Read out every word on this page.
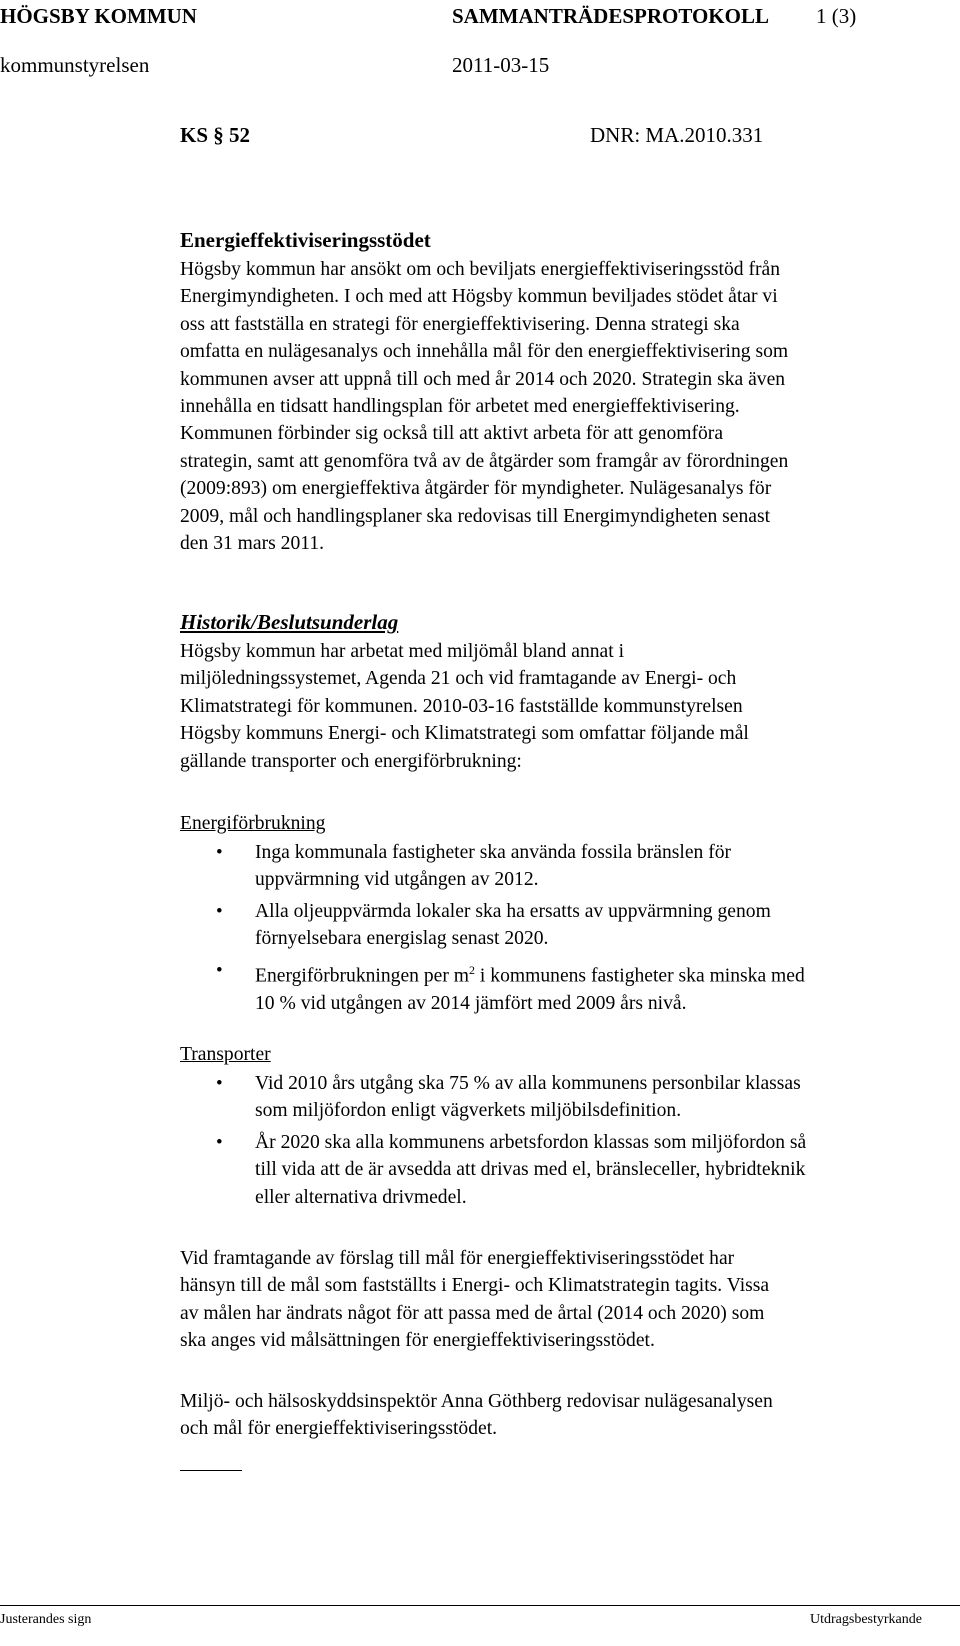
HÖGSBY KOMMUN	SAMMANTRÄDESPROTOKOLL 1 (3)
kommunstyrelsen	2011-03-15
KS § 52	DNR: MA.2010.331
Energieffektiviseringsstödet
Högsby kommun har ansökt om och beviljats energieffektiviseringsstöd från
Energimyndigheten. I och med att Högsby kommun beviljades stödet åtar vi
oss att fastställa en strategi för energieffektivisering. Denna strategi ska
omfatta en nulägesanalys och innehålla mål för den energieffektivisering som
kommunen avser att uppnå till och med år 2014 och 2020. Strategin ska även
innehålla en tidsatt handlingsplan för arbetet med energieffektivisering.
Kommunen förbinder sig också till att aktivt arbeta för att genomföra
strategin, samt att genomföra två av de åtgärder som framgår av förordningen
(2009:893) om energieffektiva åtgärder för myndigheter. Nulägesanalys för
2009, mål och handlingsplaner ska redovisas till Energimyndigheten senast
den 31 mars 2011.
Historik/Beslutsunderlag
Högsby kommun har arbetat med miljömål bland annat i
miljöledningssystemet, Agenda 21 och vid framtagande av Energi- och
Klimatstrategi för kommunen. 2010-03-16 fastställde kommunstyrelsen
Högsby kommuns Energi- och Klimatstrategi som omfattar följande mål
gällande transporter och energiförbrukning:
Energiförbrukning
• Inga kommunala fastigheter ska använda fossila bränslen för
uppvärmning vid utgången av 2012.
• Alla oljeuppvärmda lokaler ska ha ersatts av uppvärmning genom
förnyelsebara energislag senast 2020.
• Energiförbrukningen per $m^2$ i kommunens fastigheter ska minska med
10 % vid utgången av 2014 jämfört med 2009 års nivå.
Transporter
• Vid 2010 års utgång ska 75 % av alla kommunens personbilar klassas
som miljöfordon enligt vägverkets miljöbilsdefinition.
• År 2020 ska alla kommunens arbetsfordon klassas som miljöfordon så
till vida att de är avsedda att drivas med el, bränsleceller, hybridteknik
eller alternativa drivmedel.
Vid framtagande av förslag till mål för energieffektiviseringsstödet har
hänsyn till de mål som fastställts i Energi- och Klimatstrategin tagits. Vissa
av målen har ändrats något för att passa med de årtal (2014 och 2020) som
ska anges vid målsättningen för energieffektiviseringsstödet.
Miljö- och hälsoskyddsinspektör Anna Göthberg redovisar nulägesanalysen
och mål för energieffektiviseringsstödet.
Justerandes sign	Utdragsbestyrkande
